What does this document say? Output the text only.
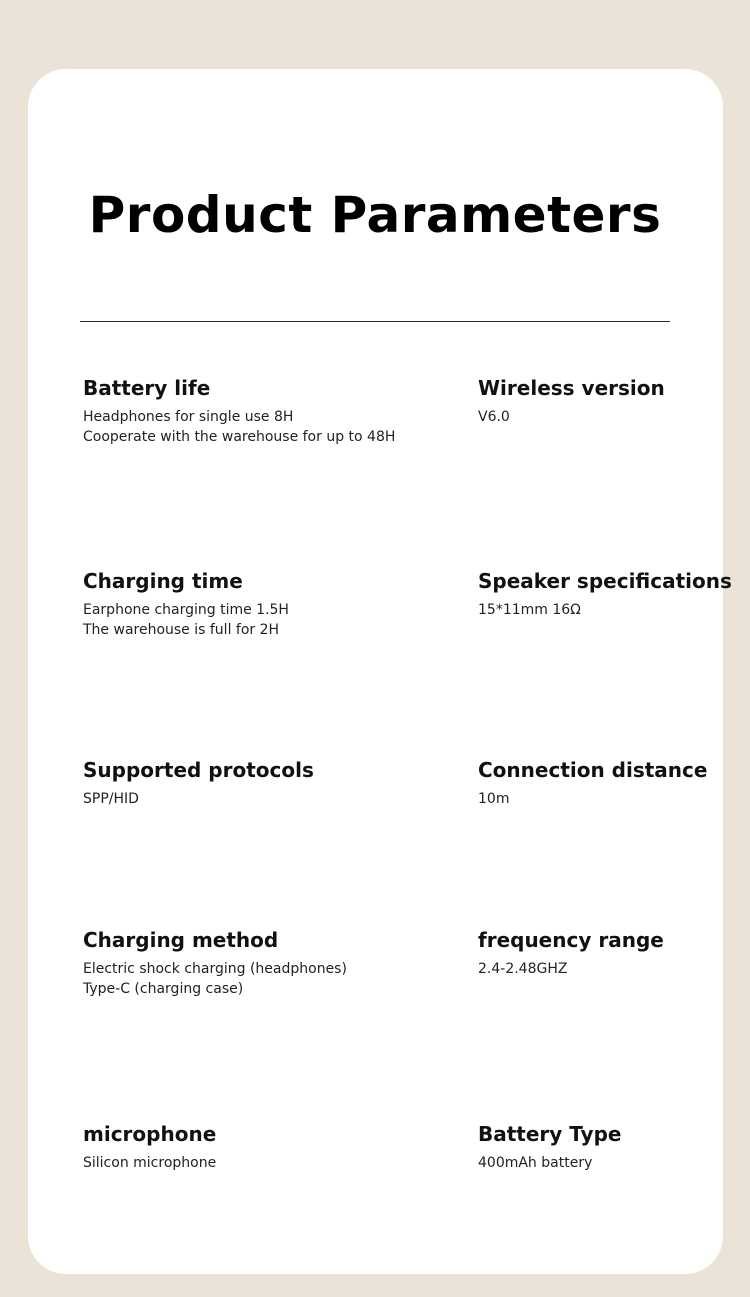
Product Parameters
Battery life
Headphones for single use 8H
Cooperate with the warehouse for up to 48H
Wireless version
V6.0
Charging time
Earphone charging time 1.5H
The warehouse is full for 2H
Speaker specifications
15*11mm 16Ω
Supported protocols
SPP/HID
Connection distance
10m
Charging method
Electric shock charging (headphones)
Type-C (charging case)
frequency range
2.4-2.48GHZ
microphone
Silicon microphone
Battery Type
400mAh battery
